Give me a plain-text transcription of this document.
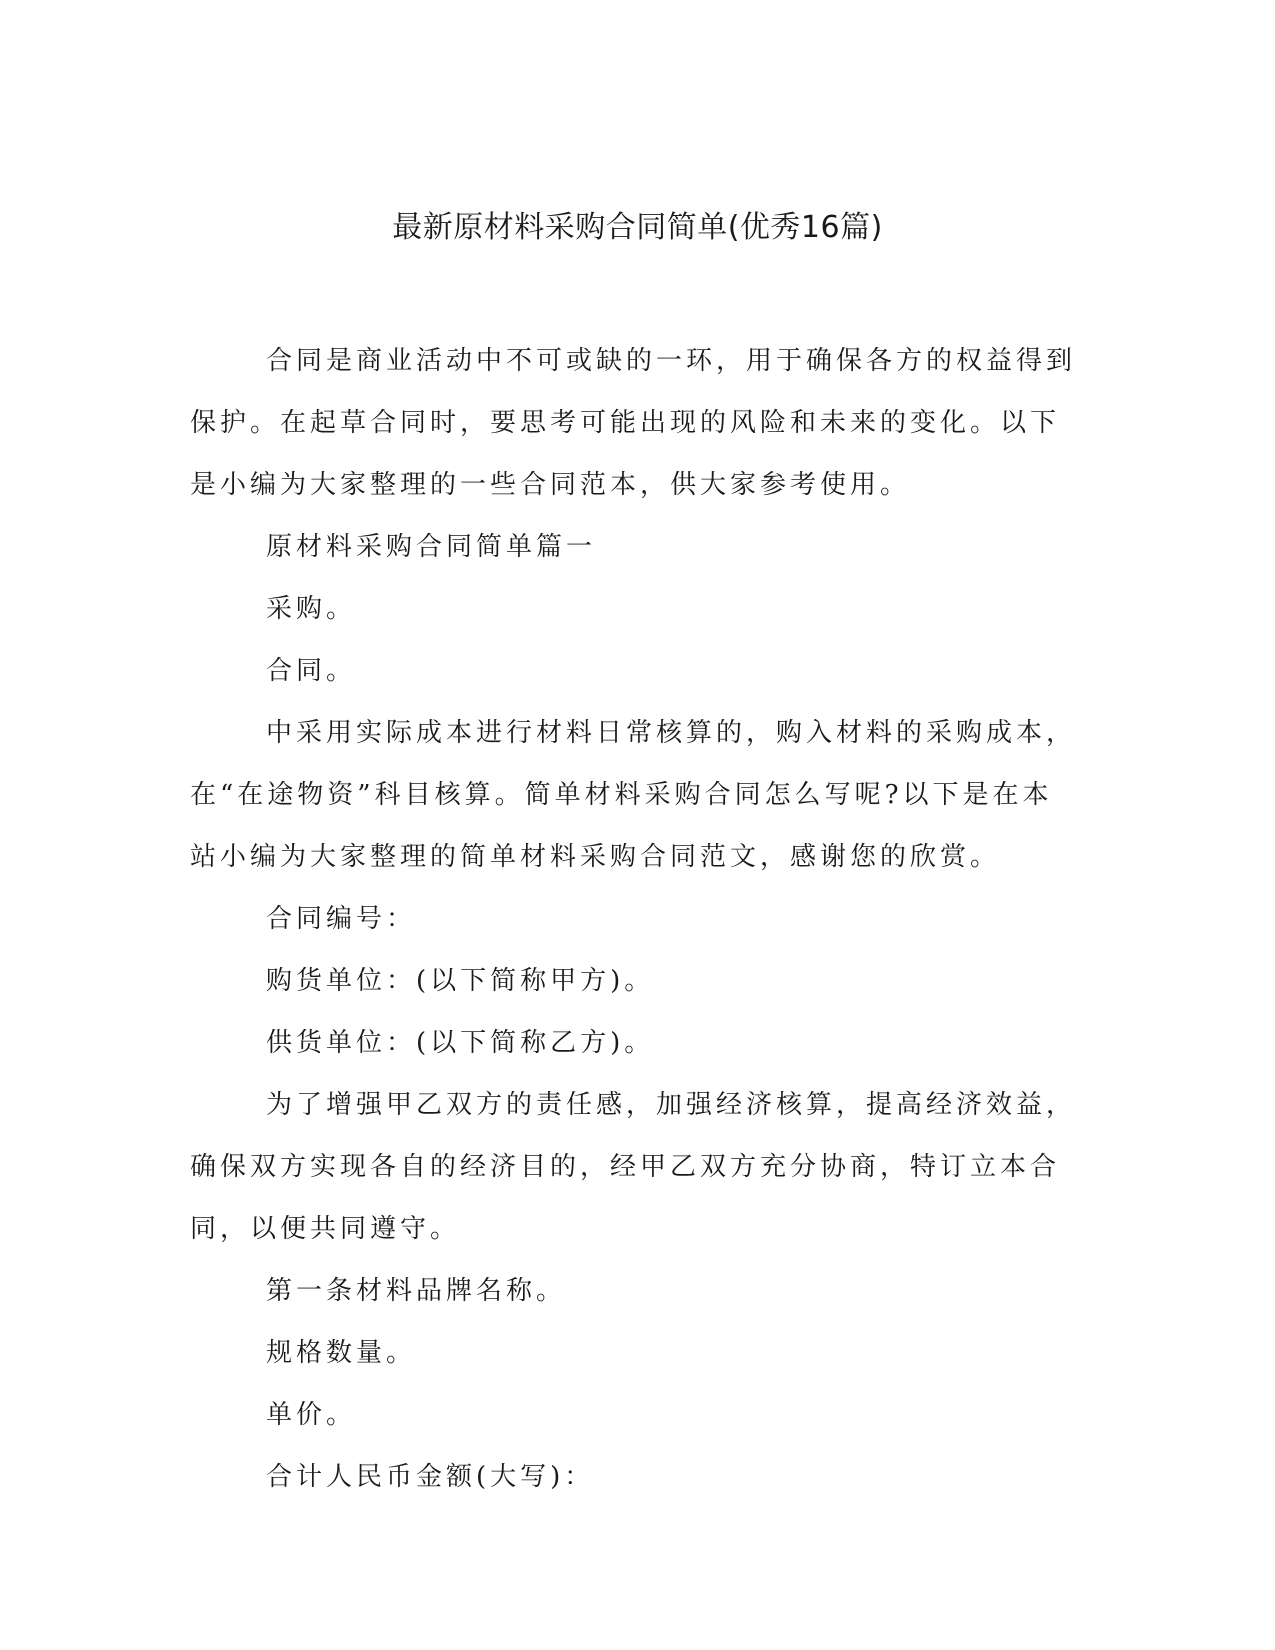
最新原材料采购合同简单(优秀16篇)

合同是商业活动中不可或缺的一环，用于确保各方的权益得到保护。在起草合同时，要思考可能出现的风险和未来的变化。以下是小编为大家整理的一些合同范本，供大家参考使用。

原材料采购合同简单篇一

采购。

合同。

中采用实际成本进行材料日常核算的，购入材料的采购成本，在“在途物资”科目核算。简单材料采购合同怎么写呢?以下是在本站小编为大家整理的简单材料采购合同范文，感谢您的欣赏。

合同编号：

购货单位：(以下简称甲方)。

供货单位：(以下简称乙方)。

为了增强甲乙双方的责任感，加强经济核算，提高经济效益，确保双方实现各自的经济目的，经甲乙双方充分协商，特订立本合同，以便共同遵守。

第一条材料品牌名称。

规格数量。

单价。

合计人民币金额(大写)：
